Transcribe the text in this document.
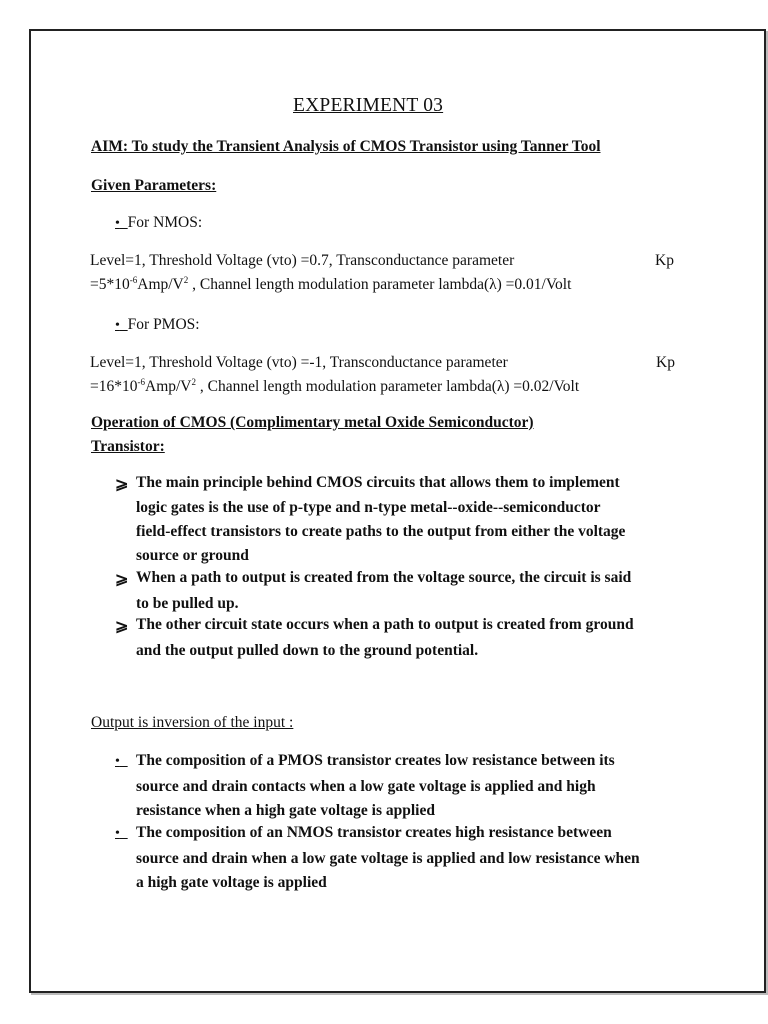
EXPERIMENT 03
AIM: To study the Transient Analysis of CMOS Transistor using Tanner Tool
Given Parameters:
• For NMOS:
Level=1, Threshold Voltage (vto) =0.7, Transconductance parameter	Kp
$=5*10^{-6}Amp/V^2$ , Channel length modulation parameter lambda(λ) =0.01/Volt
• For PMOS:
Level=1, Threshold Voltage (vto) =-1, Transconductance parameter	Kp
$=16*10^{-6}Amp/V^2$ , Channel length modulation parameter lambda(λ) =0.02/Volt
Operation of CMOS (Complimentary metal Oxide Semiconductor)
Transistor:
⩾ The main principle behind CMOS circuits that allows them to implement
logic gates is the use of p-type and n-type metal--oxide--semiconductor
field-effect transistors to create paths to the output from either the voltage
source or ground
⩾ When a path to output is created from the voltage source, the circuit is said
to be pulled up.
⩾ The other circuit state occurs when a path to output is created from ground
and the output pulled down to the ground potential.
Output is inversion of the input :
•	The composition of a PMOS transistor creates low resistance between its
source and drain contacts when a low gate voltage is applied and high
resistance when a high gate voltage is applied
•	The composition of an NMOS transistor creates high resistance between
source and drain when a low gate voltage is applied and low resistance when
a high gate voltage is applied
